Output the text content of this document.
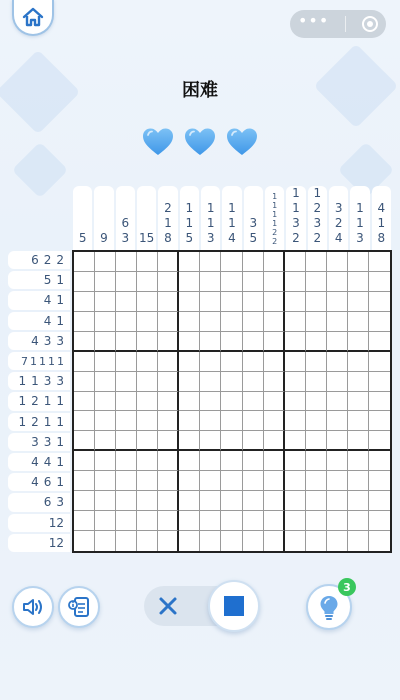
•••
困难
5 9
6
3 15
2
1
8
1
1
5
1
1
3
1
1
4
3
5
1
1
1
1
2
2
1
1
3
2
1
2
3
2
3
2
4
1
1
3
4
1
8
6 2 2
5 1
4 1
4 1
4 3 3
7 1 1 1 1
1 1 3 3
1 2 1 1
1 2 1 1
3 3 1
4 4 1
4 6 1
6 3
12
12
3
